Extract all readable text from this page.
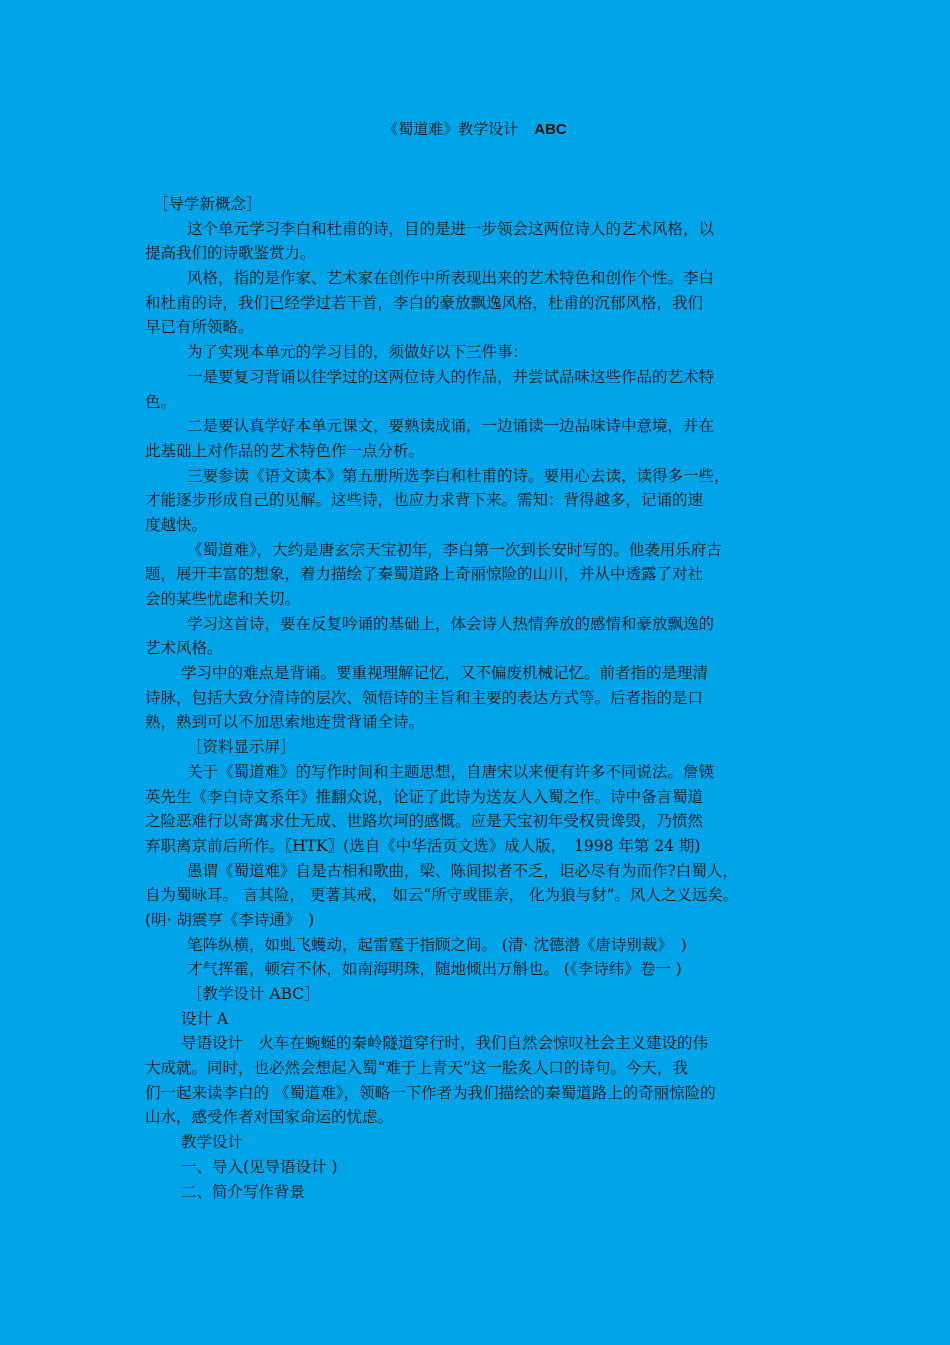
《蜀道难》教学设计 ABC
［导学新概念］
这个单元学习李白和杜甫的诗，目的是进一步领会这两位诗人的艺术风格，以
提高我们的诗歌鉴赏力。
风格，指的是作家、艺术家在创作中所表现出来的艺术特色和创作个性。李白
和杜甫的诗，我们已经学过若干首，李白的豪放飘逸风格，杜甫的沉郁风格，我们
早已有所领略。
为了实现本单元的学习目的，须做好以下三件事：
一是要复习背诵以往学过的这两位诗人的作品，并尝试品味这些作品的艺术特
色。
二是要认真学好本单元课文，要熟读成诵，一边诵读一边品味诗中意境，并在
此基础上对作品的艺术特色作一点分析。
三要参读《语文读本》第五册所选李白和杜甫的诗。要用心去读，读得多一些，
才能逐步形成自己的见解。这些诗，也应力求背下来。需知：背得越多，记诵的速
度越快。
《蜀道难》，大约是唐玄宗天宝初年，李白第一次到长安时写的。他袭用乐府古
题，展开丰富的想象，着力描绘了秦蜀道路上奇丽惊险的山川，并从中透露了对社
会的某些忧虑和关切。
学习这首诗，要在反复吟诵的基础上，体会诗人热情奔放的感情和豪放飘逸的
艺术风格。
学习中的难点是背诵。要重视理解记忆，又不偏废机械记忆。前者指的是理清
诗脉，包括大致分清诗的层次、领悟诗的主旨和主要的表达方式等。后者指的是口
熟，熟到可以不加思索地连贯背诵全诗。
［资料显示屏］
关于《蜀道难》的写作时间和主题思想，自唐宋以来便有许多不同说法。詹锳
英先生《李白诗文系年》推翻众说，论证了此诗为送友人入蜀之作。诗中备言蜀道
之险恶难行以寄寓求仕无成、世路坎坷的感慨。应是天宝初年受权贵谗毁，乃愤然
弃职离京前后所作。〖HTK〗(选自《中华活页文选》成人版，　1998 年第 24 期)
愚谓《蜀道难》自是古相和歌曲，梁、陈间拟者不乏，讵必尽有为而作?白蜀人，
自为蜀咏耳。 言其险， 更著其戒， 如云“所守或匪亲， 化为狼与豺”。风人之义远矣。
(明· 胡震亨《李诗通》　)
笔阵纵横，如虬飞蠖动，起雷霆于指顾之间。 (清· 沈德潜《唐诗别裁》　)
才气挥霍，顿宕不休，如南海明珠，随地倾出万斛也。 (《李诗纬》卷一 )
［教学设计 ABC］
设计 A
导语设计　火车在蜿蜒的秦岭隧道穿行时，我们自然会惊叹社会主义建设的伟
大成就。同时，也必然会想起入蜀“难于上青天”这一脍炙人口的诗句。今天，我
们一起来读李白的 《蜀道难》，领略一下作者为我们描绘的秦蜀道路上的奇丽惊险的
山水，感受作者对国家命运的忧虑。
教学设计
一、导入(见导语设计 )
二、简介写作背景
